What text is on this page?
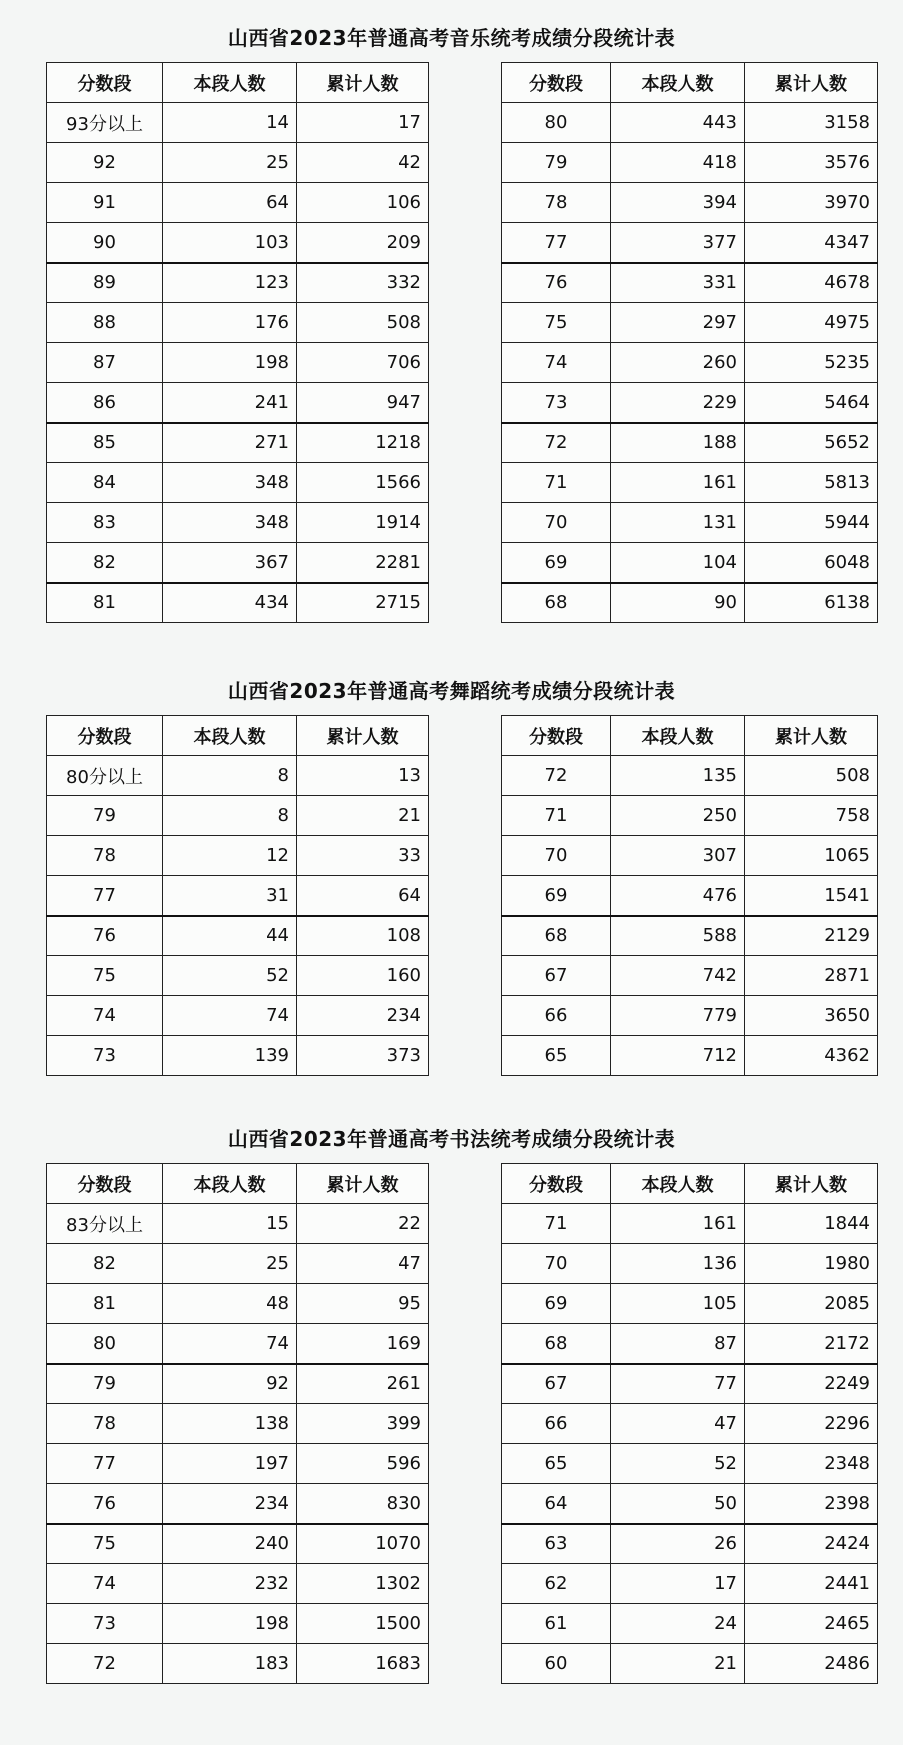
山西省2023年普通高考音乐统考成绩分段统计表
分数段	本段人数	累计人数
93分以上	14	17
92	25	42
91	64	106
90	103	209
89	123	332
88	176	508
87	198	706
86	241	947
85	271	1218
84	348	1566
83	348	1914
82	367	2281
81	434	2715
分数段	本段人数	累计人数
80	443	3158
79	418	3576
78	394	3970
77	377	4347
76	331	4678
75	297	4975
74	260	5235
73	229	5464
72	188	5652
71	161	5813
70	131	5944
69	104	6048
68	90	6138
山西省2023年普通高考舞蹈统考成绩分段统计表
分数段	本段人数	累计人数
80分以上	8	13
79	8	21
78	12	33
77	31	64
76	44	108
75	52	160
74	74	234
73	139	373
分数段	本段人数	累计人数
72	135	508
71	250	758
70	307	1065
69	476	1541
68	588	2129
67	742	2871
66	779	3650
65	712	4362
山西省2023年普通高考书法统考成绩分段统计表
分数段	本段人数	累计人数
83分以上	15	22
82	25	47
81	48	95
80	74	169
79	92	261
78	138	399
77	197	596
76	234	830
75	240	1070
74	232	1302
73	198	1500
72	183	1683
分数段	本段人数	累计人数
71	161	1844
70	136	1980
69	105	2085
68	87	2172
67	77	2249
66	47	2296
65	52	2348
64	50	2398
63	26	2424
62	17	2441
61	24	2465
60	21	2486
